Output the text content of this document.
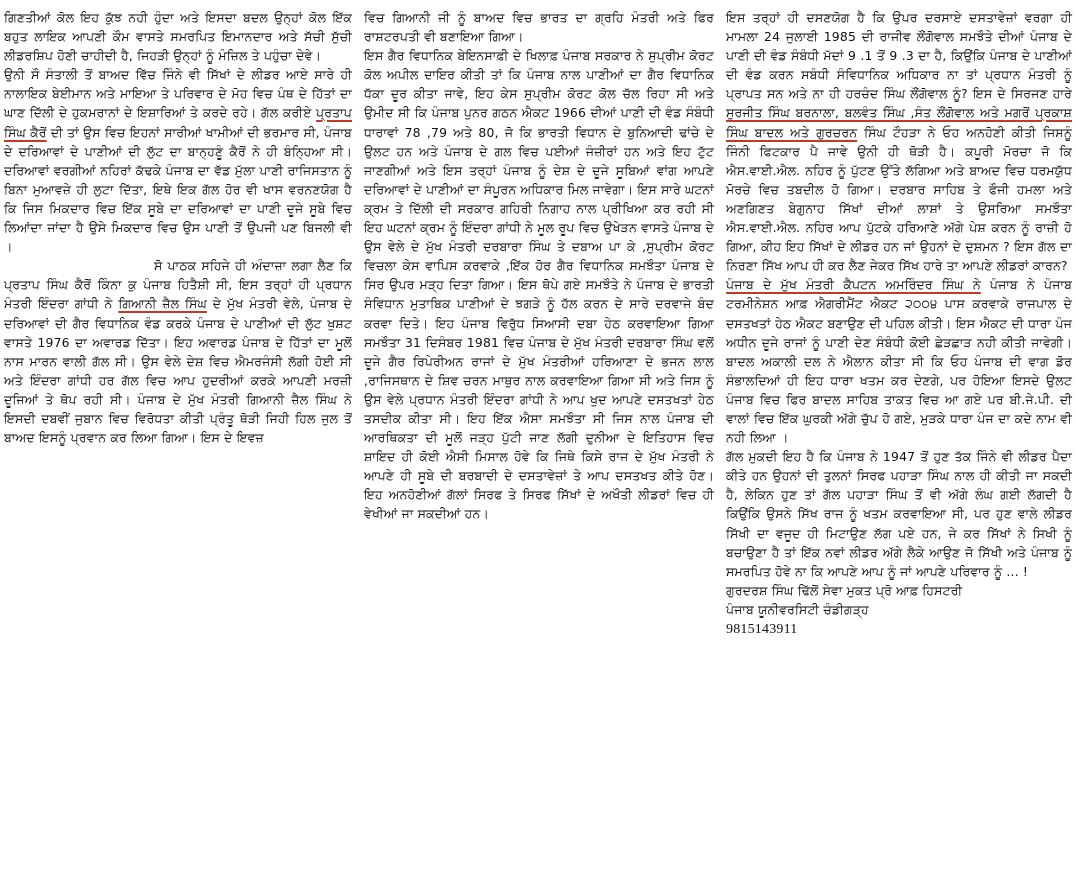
ਗਿਣਤੀਆਂ ਕੋਲ ਇਹ ਕੁੱਝ ਨਹੀ ਹੁੰਦਾ ਅਤੇ ਇਸਦਾ ਬਦਲ ਉਨ੍ਹਾਂ ਕੋਲ ਇੱਕ ਬਹੁਤ ਲਾਇਕ ਆਪਣੀ ਕੌਮ ਵਾਸਤੇ ਸਮਰਪਿਤ ਇਮਾਨਦਾਰ ਅਤੇ ਸੱਚੀ ਸੁੱਚੀ ਲੀਡਰਸ਼ਿਪ ਹੋਣੀ ਚਾਹੀਦੀ ਹੈ, ਜਿਹੜੀ ਉਨ੍ਹਾਂ ਨੂੰ ਮੰਜ਼ਿਲ ਤੇ ਪਹੁੰਚਾ ਦੇਵੇ।

ਉਨੀ ਸੌ ਸੰਤਾਲੀ ਤੋਂ ਬਾਅਦ ਵਿੱਚ ਜਿੰਨੇ ਵੀ ਸਿੱਖਾਂ ਦੇ ਲੀਡਰ ਆਏ ਸਾਰੇ ਹੀ ਨਾਲਾਇਕ ਬੇਈਮਾਨ ਅਤੇ ਮਾਇਆ ਤੇ ਪਰਿਵਾਰ ਦੇ ਮੋਹ ਵਿਚ ਪੰਥ ਦੇ ਹਿੱਤਾਂ ਦਾ ਘਾਣ ਦਿੱਲੀ ਦੇ ਹੁਕਮਰਾਨਾਂ ਦੇ ਇਸ਼ਾਰਿਆਂ ਤੇ ਕਰਦੇ ਰਹੇ। ਗੱਲ ਕਰੀਏ ਪ੍ਰਤਾਪ ਸਿੰਘ ਕੈਰੋਂ ਦੀ ਤਾਂ ਉਸ ਵਿਚ ਇਹਨਾਂ ਸਾਰੀਆਂ ਖਾਮੀਆਂ ਦੀ ਭਰਮਾਰ ਸੀ, ਪੰਜਾਬ ਦੇ ਦਰਿਆਵਾਂ ਦੇ ਪਾਣੀਆਂ ਦੀ ਲੁੱਟ ਦਾ ਬਾਨ੍ਹਣੂੰ ਕੈਰੋਂ ਨੇ ਹੀ ਬੰਨ੍ਹਿਆ ਸੀ। ਦਰਿਆਵਾਂ ਵਰਗੀਆਂ ਨਹਿਰਾਂ ਕੱਢਕੇ ਪੰਜਾਬ ਦਾ ਵੱਡ ਮੁੱਲਾ ਪਾਣੀ ਰਾਜਿਸਤਾਨ ਨੂੰ ਬਿਨਾ ਮੁਆਵਜ਼ੇ ਹੀ ਲੁਟਾ ਦਿੱਤਾ, ਇਥੇ ਇਕ ਗੱਲ ਹੋਰ ਵੀ ਖਾਸ ਵਰਨਣਯੋਗ ਹੈ ਕਿ ਜਿਸ ਮਿਕਦਾਰ ਵਿਚ ਇੱਕ ਸੂਬੇ ਦਾ ਦਰਿਆਵਾਂ ਦਾ ਪਾਣੀ ਦੂਜੇ ਸੂਬੇ ਵਿਚ ਲਿਆਂਦਾ ਜਾਂਦਾ ਹੈ ਉਸੇ ਮਿਕਦਾਰ ਵਿਚ ਉਸ ਪਾਣੀ ਤੋਂ ਉਪਜੀ ਪਣ ਬਿਜਲੀ ਵੀ ।

ਸੋ ਪਾਠਕ ਸਹਿਜੇ ਹੀ ਅੰਦਾਜ਼ਾ ਲਗਾ ਲੈਣ ਕਿ ਪ੍ਰਤਾਪ ਸਿੰਘ ਕੈਰੋਂ ਕਿੰਨਾ ਕੁ ਪੰਜਾਬ ਹਿਤੈਸ਼ੀ ਸੀ, ਇਸ ਤਰ੍ਹਾਂ ਹੀ ਪ੍ਰਧਾਨ ਮੰਤਰੀ ਇੰਦਰਾ ਗਾਂਧੀ ਨੇ ਗਿਆਨੀ ਜ਼ੈਲ ਸਿੰਘ ਦੇ ਮੁੱਖ ਮੰਤਰੀ ਵੇਲੇ, ਪੰਜਾਬ ਦੇ ਦਰਿਆਵਾਂ ਦੀ ਗੈਰ ਵਿਧਾਨਿਕ ਵੰਡ ਕਰਕੇ ਪੰਜਾਬ ਦੇ ਪਾਣੀਆਂ ਦੀ ਲੁੱਟ ਖੁਸ਼ਟ ਵਾਸਤੇ 1976 ਦਾ ਅਵਾਰਡ ਦਿੱਤਾ। ਇਹ ਅਵਾਰਡ ਪੰਜਾਬ ਦੇ ਹਿੱਤਾਂ ਦਾ ਮੂਲੋਂ ਨਾਸ ਮਾਰਨ ਵਾਲੀ ਗੱਲ ਸੀ। ਉਸ ਵੇਲੇ ਦੇਸ਼ ਵਿਚ ਐਮਰਜੰਸੀ ਲੱਗੀ ਹੋਈ ਸੀ ਅਤੇ ਇੰਦਰਾ ਗਾਂਧੀ ਹਰ ਗੱਲ ਵਿਚ ਆਪ ਹੁਦਰੀਆਂ ਕਰਕੇ ਆਪਣੀ ਮਰਜ਼ੀ ਦੂਜਿਆਂ ਤੇ ਥੋਪ ਰਹੀ ਸੀ। ਪੰਜਾਬ ਦੇ ਮੁੱਖ ਮੰਤਰੀ ਗਿਆਨੀ ਜ਼ੈਲ ਸਿੰਘ ਨੇ ਇਸਦੀ ਦਬਵੀਂ ਜੁਬਾਨ ਵਿਚ ਵਿਰੋਧਤਾ ਕੀਤੀ ਪ੍ਰੰਤੂ ਥੋੜੀ ਜਿਹੀ ਹਿਲ ਜੁਲ ਤੋਂ ਬਾਅਦ ਇਸਨੂੰ ਪ੍ਰਵਾਨ ਕਰ ਲਿਆ ਗਿਆ। ਇਸ ਦੇ ਇਵਜ਼

ਵਿਚ ਗਿਆਨੀ ਜੀ ਨੂੰ ਬਾਅਦ ਵਿਚ ਭਾਰਤ ਦਾ ਗ੍ਰਹਿ ਮੰਤਰੀ ਅਤੇ ਫਿਰ ਰਾਸ਼ਟਰਪਤੀ ਵੀ ਬਣਾਇਆ ਗਿਆ।

ਇਸ ਗੈਰ ਵਿਧਾਨਿਕ ਬੇਇਨਸਾਫ਼ੀ ਦੇ ਖਿਲਾਫ਼ ਪੰਜਾਬ ਸਰਕਾਰ ਨੇ ਸੁਪ੍ਰੀਮ ਕੋਰਟ ਕੋਲ ਅਪੀਲ ਦਾਇਰ ਕੀਤੀ ਤਾਂ ਕਿ ਪੰਜਾਬ ਨਾਲ ਪਾਣੀਆਂ ਦਾ ਗੈਰ ਵਿਧਾਨਿਕ ਧੱਕਾ ਦੂਰ ਕੀਤਾ ਜਾਵੇ, ਇਹ ਕੇਸ ਸੁਪ੍ਰੀਮ ਕੋਰਟ ਕੋਲ ਚੱਲ ਰਿਹਾ ਸੀ ਅਤੇ ਉਮੀਦ ਸੀ ਕਿ ਪੰਜਾਬ ਪੁਨਰ ਗਠਨ ਐਕਟ 1966 ਦੀਆਂ ਪਾਣੀ ਦੀ ਵੰਡ ਸੰਬੰਧੀ ਧਾਰਾਵਾਂ 78 ,79 ਅਤੇ 80, ਜੋ ਕਿ ਭਾਰਤੀ ਵਿਧਾਨ ਦੇ ਬੁਨਿਆਦੀ ਢਾਂਚੇ ਦੇ ਉਲਟ ਹਨ ਅਤੇ ਪੰਜਾਬ ਦੇ ਗਲ ਵਿਚ ਪਈਆਂ ਜੰਜ਼ੀਰਾਂ ਹਨ ਅਤੇ ਇਹ ਟੁੱਟ ਜਾਣਗੀਆਂ ਅਤੇ ਇਸ ਤਰ੍ਹਾਂ ਪੰਜਾਬ ਨੂੰ ਦੇਸ਼ ਦੇ ਦੂਜੇ ਸੂਬਿਆਂ ਵਾਂਗ ਆਪਣੇ ਦਰਿਆਵਾਂ ਦੇ ਪਾਣੀਆਂ ਦਾ ਸੰਪੂਰਨ ਅਧਿਕਾਰ ਮਿਲ ਜਾਵੇਗਾ। ਇਸ ਸਾਰੇ ਘਟਨਾਂ ਕ੍ਰਮ ਤੇ ਦਿੱਲੀ ਦੀ ਸਰਕਾਰ ਗਹਿਰੀ ਨਿਗਾਹ ਨਾਲ ਪ੍ਰੀਖਿਆ ਕਰ ਰਹੀ ਸੀ ਇਹ ਘਟਨਾਂ ਕ੍ਰਮ ਨੂੰ ਇੰਦਰਾ ਗਾਂਧੀ ਨੇ ਮੂਲ ਰੂਪ ਵਿਚ ਉਖੇੜਨ ਵਾਸਤੇ ਪੰਜਾਬ ਦੇ ਉਸ ਵੇਲੇ ਦੇ ਮੁੱਖ ਮੰਤਰੀ ਦਰਬਾਰਾ ਸਿੰਘ ਤੇ ਦਬਾਅ ਪਾ ਕੇ ,ਸੁਪ੍ਰੀਮ ਕੋਰਟ ਵਿਚਲਾ ਕੇਸ ਵਾਪਿਸ ਕਰਵਾਕੇ ,ਇੱਕ ਹੋਰ ਗੈਰ ਵਿਧਾਨਿਕ ਸਮਝੌਤਾ ਪੰਜਾਬ ਦੇ ਸਿਰ ਉਪਰ ਮੜ੍ਹ ਦਿਤਾ ਗਿਆ। ਇਸ ਥੋਪੇ ਗਏ ਸਮਝੌਤੇ ਨੇ ਪੰਜਾਬ ਦੇ ਭਾਰਤੀ ਸੰਵਿਧਾਨ ਮੁਤਾਬਿਕ ਪਾਣੀਆਂ ਦੇ ਝਗੜੇ ਨੂੰ ਹੱਲ ਕਰਨ ਦੇ ਸਾਰੇ ਦਰਵਾਜੇ ਬੰਦ ਕਰਵਾ ਦਿਤੇ। ਇਹ ਪੰਜਾਬ ਵਿਰੁੱਧ ਸਿਆਸੀ ਦਬਾ ਹੇਠ ਕਰਵਾਇਆ ਗਿਆ ਸਮਝੌਤਾ 31 ਦਿਸੰਬਰ 1981 ਵਿਚ ਪੰਜਾਬ ਦੇ ਮੁੱਖ ਮੰਤਰੀ ਦਰਬਾਰਾ ਸਿੰਘ ਵਲੋਂ ਦੂਜੇ ਗੈਰ ਰਿਪੇਰੀਅਨ ਰਾਜਾਂ ਦੇ ਮੁੱਖ ਮੰਤਰੀਆਂ ਹਰਿਆਣਾ ਦੇ ਭਜਨ ਲਾਲ ,ਰਾਜਿਸਥਾਨ ਦੇ ਸ਼ਿਵ ਚਰਨ ਮਾਥੁਰ ਨਾਲ ਕਰਵਾਇਆ ਗਿਆ ਸੀ ਅਤੇ ਜਿਸ ਨੂੰ ਉਸ ਵੇਲੇ ਪ੍ਰਧਾਨ ਮੰਤਰੀ ਇੰਦਰਾ ਗਾਂਧੀ ਨੇ ਆਪ ਖੁਦ ਆਪਣੇ ਦਸਤਖਤਾਂ ਹੇਠ ਤਸਦੀਕ ਕੀਤਾ ਸੀ। ਇਹ ਇੱਕ ਐਸਾ ਸਮਝੌਤਾ ਸੀ ਜਿਸ ਨਾਲ ਪੰਜਾਬ ਦੀ ਆਰਥਿਕਤਾ ਦੀ ਮੂਲੋਂ ਜੜ੍ਹ ਪੁੱਟੀ ਜਾਣ ਲੱਗੀ ਦੁਨੀਆ ਦੇ ਇਤਿਹਾਸ ਵਿਚ ਸ਼ਾਇਦ ਹੀ ਕੋਈ ਐਸੀ ਮਿਸਾਲ ਹੋਵੇ ਕਿ ਜਿਥੇ ਕਿਸੇ ਰਾਜ ਦੇ ਮੁੱਖ ਮੰਤਰੀ ਨੇ ਆਪਣੇ ਹੀ ਸੂਬੇ ਦੀ ਬਰਬਾਦੀ ਦੇ ਦਸਤਾਵੇਜ਼ਾਂ ਤੇ ਆਪ ਦਸਤਖਤ ਕੀਤੇ ਹੋਣ। ਇਹ ਅਨਹੋਣੀਆਂ ਗੱਲਾਂ ਸਿਰਫ ਤੇ ਸਿਰਫ ਸਿੱਖਾਂ ਦੇ ਅਖੌਤੀ ਲੀਡਰਾਂ ਵਿਚ ਹੀ ਵੇਖੀਆਂ ਜਾ ਸਕਦੀਆਂ ਹਨ।

ਇਸ ਤਰ੍ਹਾਂ ਹੀ ਦਸਣਯੋਗ ਹੈ ਕਿ ਉਪਰ ਦਰਸਾਏ ਦਸਤਾਵੇਜ਼ਾਂ ਵਰਗਾ ਹੀ ਮਾਮਲਾ 24 ਜੁਲਾਈ 1985 ਦੀ ਰਾਜੀਵ ਲੌਂਗੋਵਾਲ ਸਮਝੌਤੇ ਦੀਆਂ ਪੰਜਾਬ ਦੇ ਪਾਣੀ ਦੀ ਵੰਡ ਸੰਬੰਧੀ ਮੱਦਾਂ 9 .1 ਤੋਂ 9 .3 ਦਾ ਹੈ, ਕਿਉਂਕਿ ਪੰਜਾਬ ਦੇ ਪਾਣੀਆਂ ਦੀ ਵੰਡ ਕਰਨ ਸਬੰਧੀ ਸੰਵਿਧਾਨਿਕ ਅਧਿਕਾਰ ਨਾ ਤਾਂ ਪ੍ਰਧਾਨ ਮੰਤਰੀ ਨੂੰ ਪ੍ਰਾਪਤ ਸਨ ਅਤੇ ਨਾ ਹੀ ਹਰਚੰਦ ਸਿੰਘ ਲੌਂਗੋਵਾਲ ਨੂੰ? ਇਸ ਦੇ ਸਿਰਜਣ ਹਾਰੇ ਸੁਰਜੀਤ ਸਿੰਘ ਬਰਨਾਲਾ, ਬਲਵੰਤ ਸਿੰਘ ,ਸੰਤ ਲੌਂਗੋਵਾਲ ਅਤੇ ਮਗਰੋਂ ਪ੍ਰਕਾਸ਼ ਸਿੰਘ ਬਾਦਲ ਅਤੇ ਗੁਰਚਰਨ ਸਿੰਘ ਟੌਹੜਾ ਨੇ ਓਹ ਅਨਹੋਣੀ ਕੀਤੀ ਜਿਸਨੂੰ ਜਿੰਨੀ ਫਿਟਕਾਰ ਪੈ ਜਾਵੇ ਉਨੀ ਹੀ ਥੋੜੀ ਹੈ। ਕਪੂਰੀ ਮੋਰਚਾ ਜੋ ਕਿ ਐਸ.ਵਾਈ.ਐਲ. ਨਹਿਰ ਨੂੰ ਪੁੱਟਣ ਉੱਤੇ ਲੱਗਿਆ ਅਤੇ ਬਾਅਦ ਵਿਚ ਧਰਮਯੁੱਧ ਮੋਰਚੇ ਵਿਚ ਤਬਦੀਲ ਹੋ ਗਿਆ। ਦਰਬਾਰ ਸਾਹਿਬ ਤੇ ਫੌਜੀ ਹਮਲਾ ਅਤੇ ਅਣਗਿਣਤ ਬੇਗੁਨਾਹ ਸਿੱਖਾਂ ਦੀਆਂ ਲਾਸ਼ਾਂ ਤੇ ਉਸਰਿਆ ਸਮਝੌਤਾ ਐਸ.ਵਾਈ.ਐਲ. ਨਹਿਰ ਆਪ ਪੁੱਟਕੇ ਹਰਿਆਣੇ ਅੱਗੇ ਪੇਸ਼ ਕਰਨ ਨੂੰ ਰਾਜ਼ੀ ਹੋ ਗਿਆ, ਕੀਹ ਇਹ ਸਿੱਖਾਂ ਦੇ ਲੀਡਰ ਹਨ ਜਾਂ ਉਹਨਾਂ ਦੇ ਦੁਸ਼ਮਨ ? ਇਸ ਗੱਲ ਦਾ ਨਿਰਣਾ ਸਿੱਖ ਆਪ ਹੀ ਕਰ ਲੈਣ ਜੇਕਰ ਸਿੱਖ ਹਾਰੇ ਤਾ ਆਪਣੇ ਲੀਡਰਾਂ ਕਾਰਨ?

ਪੰਜਾਬ ਦੇ ਮੁੱਖ ਮੰਤਰੀ ਕੈਪਟਨ ਅਮਰਿੰਦਰ ਸਿੰਘ ਨੇ ਪੰਜਾਬ ਨੇ ਪੰਜਾਬ ਟਰਮੀਨੇਸ਼ਨ ਆਫ਼ ਐਗਰੀਮੈਂਟ ਐਕਟ ੨੦੦੪ ਪਾਸ ਕਰਵਾਕੇ ਰਾਜਪਾਲ ਦੇ ਦਸਤਖਤਾਂ ਹੇਠ ਐਕਟ ਬਣਾਉਣ ਦੀ ਪਹਿਲ ਕੀਤੀ। ਇਸ ਐਕਟ ਦੀ ਧਾਰਾ ਪੰਜ ਅਧੀਨ ਦੂਜੇ ਰਾਜਾਂ ਨੂੰ ਪਾਣੀ ਦੇਣ ਸੰਬੰਧੀ ਕੋਈ ਛੇੜਛਾੜ ਨਹੀ ਕੀਤੀ ਜਾਵੇਗੀ। ਬਾਦਲ ਅਕਾਲੀ ਦਲ ਨੇ ਐਲਾਨ ਕੀਤਾ ਸੀ ਕਿ ਓਹ ਪੰਜਾਬ ਦੀ ਵਾਗ ਡੋਰ ਸੰਭਾਲਦਿਆਂ ਹੀ ਇਹ ਧਾਰਾ ਖਤਮ ਕਰ ਦੇਣਗੇ, ਪਰ ਹੋਇਆ ਇਸਦੇ ਉਲਟ ਪੰਜਾਬ ਵਿਚ ਫਿਰ ਬਾਦਲ ਸਾਹਿਬ ਤਾਕਤ ਵਿਚ ਆ ਗਏ ਪਰ ਬੀ.ਜੇ.ਪੀ. ਦੀ ਵਾਲਾਂ ਵਿਚ ਇੱਕ ਘੁਰਕੀ ਅੱਗੇ ਚੁੱਪ ਹੋ ਗਏ, ਮੁੜਕੇ ਧਾਰਾ ਪੰਜ ਦਾ ਕਦੇ ਨਾਮ ਵੀ ਨਹੀ ਲਿਆ ।

ਗੱਲ ਮੁਕਦੀ ਇਹ ਹੈ ਕਿ ਪੰਜਾਬ ਨੇ 1947 ਤੋਂ ਹੁਣ ਤੱਕ ਜਿੰਨੇ ਵੀ ਲੀਡਰ ਪੈਦਾ ਕੀਤੇ ਹਨ ਉਹਨਾਂ ਦੀ ਤੁਲਨਾਂ ਸਿਰਫ ਪਹਾੜਾ ਸਿੰਘ ਨਾਲ ਹੀ ਕੀਤੀ ਜਾ ਸਕਦੀ ਹੈ, ਲੇਕਿਨ ਹੁਣ ਤਾਂ ਗੱਲ ਪਹਾੜਾ ਸਿੰਘ ਤੋਂ ਵੀ ਅੱਗੇ ਲੰਘ ਗਈ ਲੱਗਦੀ ਹੈ ਕਿਉਂਕਿ ਉਸਨੇ ਸਿੱਖ ਰਾਜ ਨੂੰ ਖਤਮ ਕਰਵਾਇਆ ਸੀ, ਪਰ ਹੁਣ ਵਾਲੇ ਲੀਡਰ ਸਿੱਖੀ ਦਾ ਵਜੂਦ ਹੀ ਮਿਟਾਉਣ ਲੱਗ ਪਏ ਹਨ, ਜੇ ਕਰ ਸਿੱਖਾਂ ਨੇ ਸਿਖੀ ਨੂੰ ਬਚਾਉਣਾ ਹੈ ਤਾਂ ਇੱਕ ਨਵਾਂ ਲੀਡਰ ਅੱਗੇ ਲੈਕੇ ਆਉਣ ਜੋ ਸਿੱਖੀ ਅਤੇ ਪੰਜਾਬ ਨੂੰ ਸਮਰਪਿਤ ਹੋਵੇ ਨਾ ਕਿ ਆਪਣੇ ਆਪ ਨੂੰ ਜਾਂ ਆਪਣੇ ਪਰਿਵਾਰ ਨੂੰ ... !

ਗੁਰਦਰਸ਼ ਸਿੰਘ ਢਿੱਲੋਂ ਸੇਵਾ ਮੁਕਤ ਪ੍ਰੋ ਆਫ਼ ਹਿਸਟਰੀ
ਪੰਜਾਬ ਯੂਨੀਵਰਸਿਟੀ ਚੰਡੀਗੜ੍ਹ
9815143911
